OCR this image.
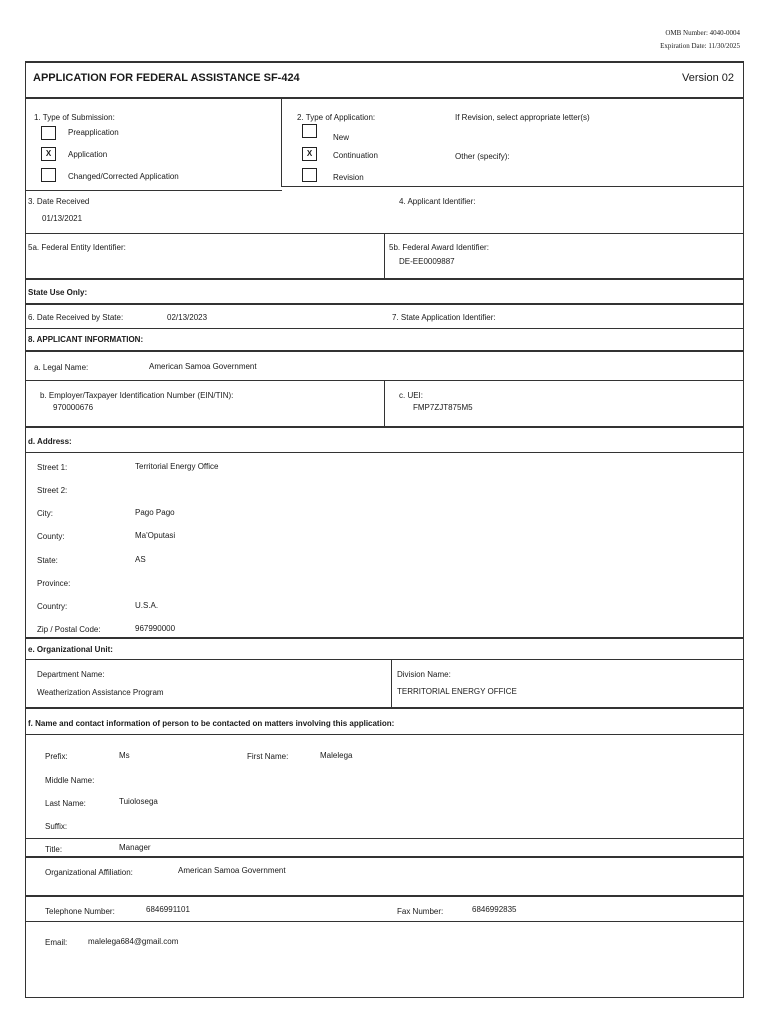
OMB Number: 4040-0004
Expiration Date: 11/30/2025
APPLICATION FOR FEDERAL ASSISTANCE SF-424	Version 02
1. Type of Submission:
Preapplication
X	Application
Changed/Corrected Application
2. Type of Application:
New
X	Continuation
Revision
If Revision, select appropriate letter(s)
Other (specify):
3. Date Received
01/13/2021
4. Applicant Identifier:
5a. Federal Entity Identifier:	5b. Federal Award Identifier:
DE-EE0009887
State Use Only:
6. Date Received by State:	02/13/2023	7. State Application Identifier:
8. APPLICANT INFORMATION:
a. Legal Name:	American Samoa Government
b. Employer/Taxpayer Identification Number (EIN/TIN):
970000676
c. UEI:
FMP7ZJT875M5
d. Address:
Street 1:	Territorial Energy Office
Street 2:
City:	Pago Pago
County:	Ma'Oputasi
State:	AS
Province:
Country:	U.S.A.
Zip / Postal Code:	967990000
e. Organizational Unit:
Department Name:
Weatherization Assistance Program
Division Name:
TERRITORIAL ENERGY OFFICE
f. Name and contact information of person to be contacted on matters involving this application:
Prefix:	Ms	First Name:	Malelega
Middle Name:
Last Name:	Tuiolosega
Suffix:
Title:	Manager
Organizational Affiliation:	American Samoa Government
Telephone Number:	6846991101	Fax Number:	6846992835
Email:	malelega684@gmail.com
